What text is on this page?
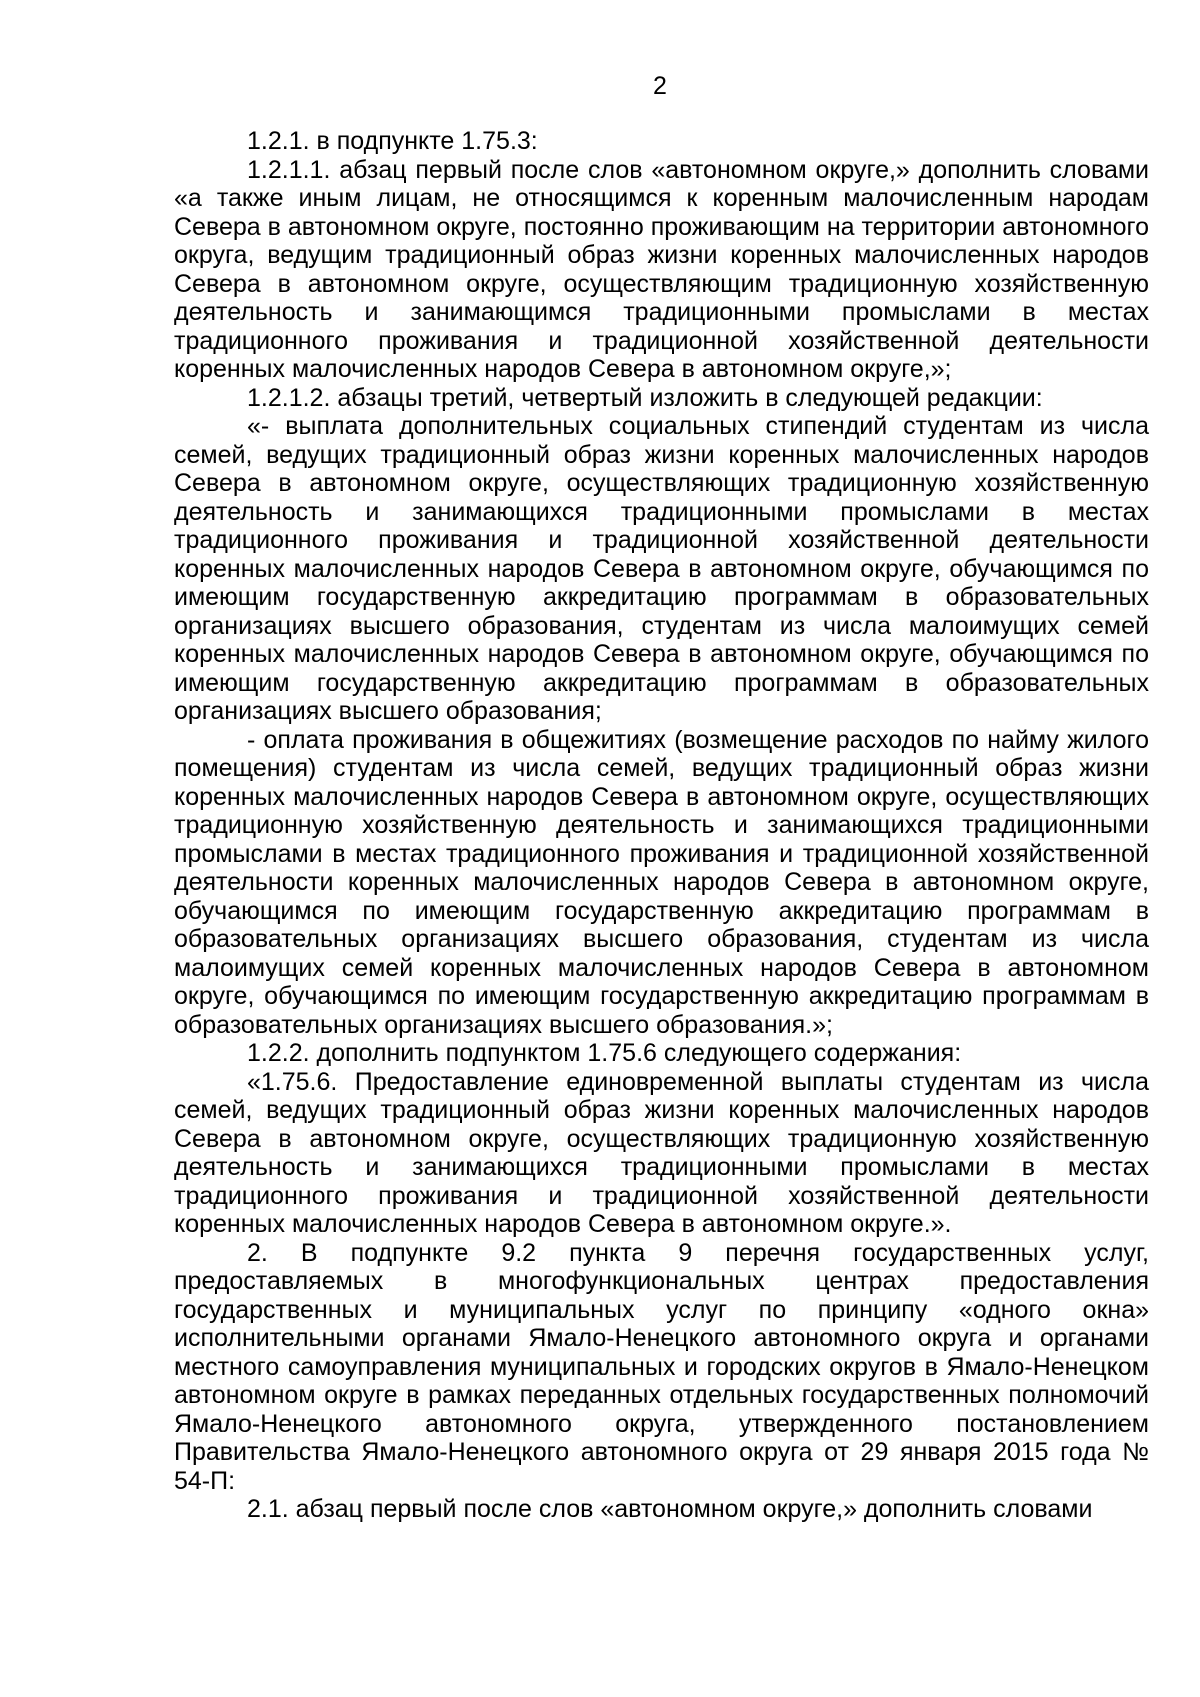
2

1.2.1. в подпункте 1.75.3:

1.2.1.1. абзац первый после слов «автономном округе,» дополнить словами «а также иным лицам, не относящимся к коренным малочисленным народам Севера в автономном округе, постоянно проживающим на территории автономного округа, ведущим традиционный образ жизни коренных малочисленных народов Севера в автономном округе, осуществляющим традиционную хозяйственную деятельность и занимающимся традиционными промыслами в местах традиционного проживания и традиционной хозяйственной деятельности коренных малочисленных народов Севера в автономном округе,»;

1.2.1.2. абзацы третий, четвертый изложить в следующей редакции:

«- выплата дополнительных социальных стипендий студентам из числа семей, ведущих традиционный образ жизни коренных малочисленных народов Севера в автономном округе, осуществляющих традиционную хозяйственную деятельность и занимающихся традиционными промыслами в местах традиционного проживания и традиционной хозяйственной деятельности коренных малочисленных народов Севера в автономном округе, обучающимся по имеющим государственную аккредитацию программам в образовательных организациях высшего образования, студентам из числа малоимущих семей коренных малочисленных народов Севера в автономном округе, обучающимся по имеющим государственную аккредитацию программам в образовательных организациях высшего образования;

- оплата проживания в общежитиях (возмещение расходов по найму жилого помещения) студентам из числа семей, ведущих традиционный образ жизни коренных малочисленных народов Севера в автономном округе, осуществляющих традиционную хозяйственную деятельность и занимающихся традиционными промыслами в местах традиционного проживания и традиционной хозяйственной деятельности коренных малочисленных народов Севера в автономном округе, обучающимся по имеющим государственную аккредитацию программам в образовательных организациях высшего образования, студентам из числа малоимущих семей коренных малочисленных народов Севера в автономном округе, обучающимся по имеющим государственную аккредитацию программам в образовательных организациях высшего образования.»;

1.2.2. дополнить подпунктом 1.75.6 следующего содержания:

«1.75.6. Предоставление единовременной выплаты студентам из числа семей, ведущих традиционный образ жизни коренных малочисленных народов Севера в автономном округе, осуществляющих традиционную хозяйственную деятельность и занимающихся традиционными промыслами в местах традиционного проживания и традиционной хозяйственной деятельности коренных малочисленных народов Севера в автономном округе.».

2. В подпункте 9.2 пункта 9 перечня государственных услуг, предоставляемых в многофункциональных центрах предоставления государственных и муниципальных услуг по принципу «одного окна» исполнительными органами Ямало-Ненецкого автономного округа и органами местного самоуправления муниципальных и городских округов в Ямало-Ненецком автономном округе в рамках переданных отдельных государственных полномочий Ямало-Ненецкого автономного округа, утвержденного постановлением Правительства Ямало-Ненецкого автономного округа от 29 января 2015 года № 54-П:

2.1. абзац первый после слов «автономном округе,» дополнить словами
